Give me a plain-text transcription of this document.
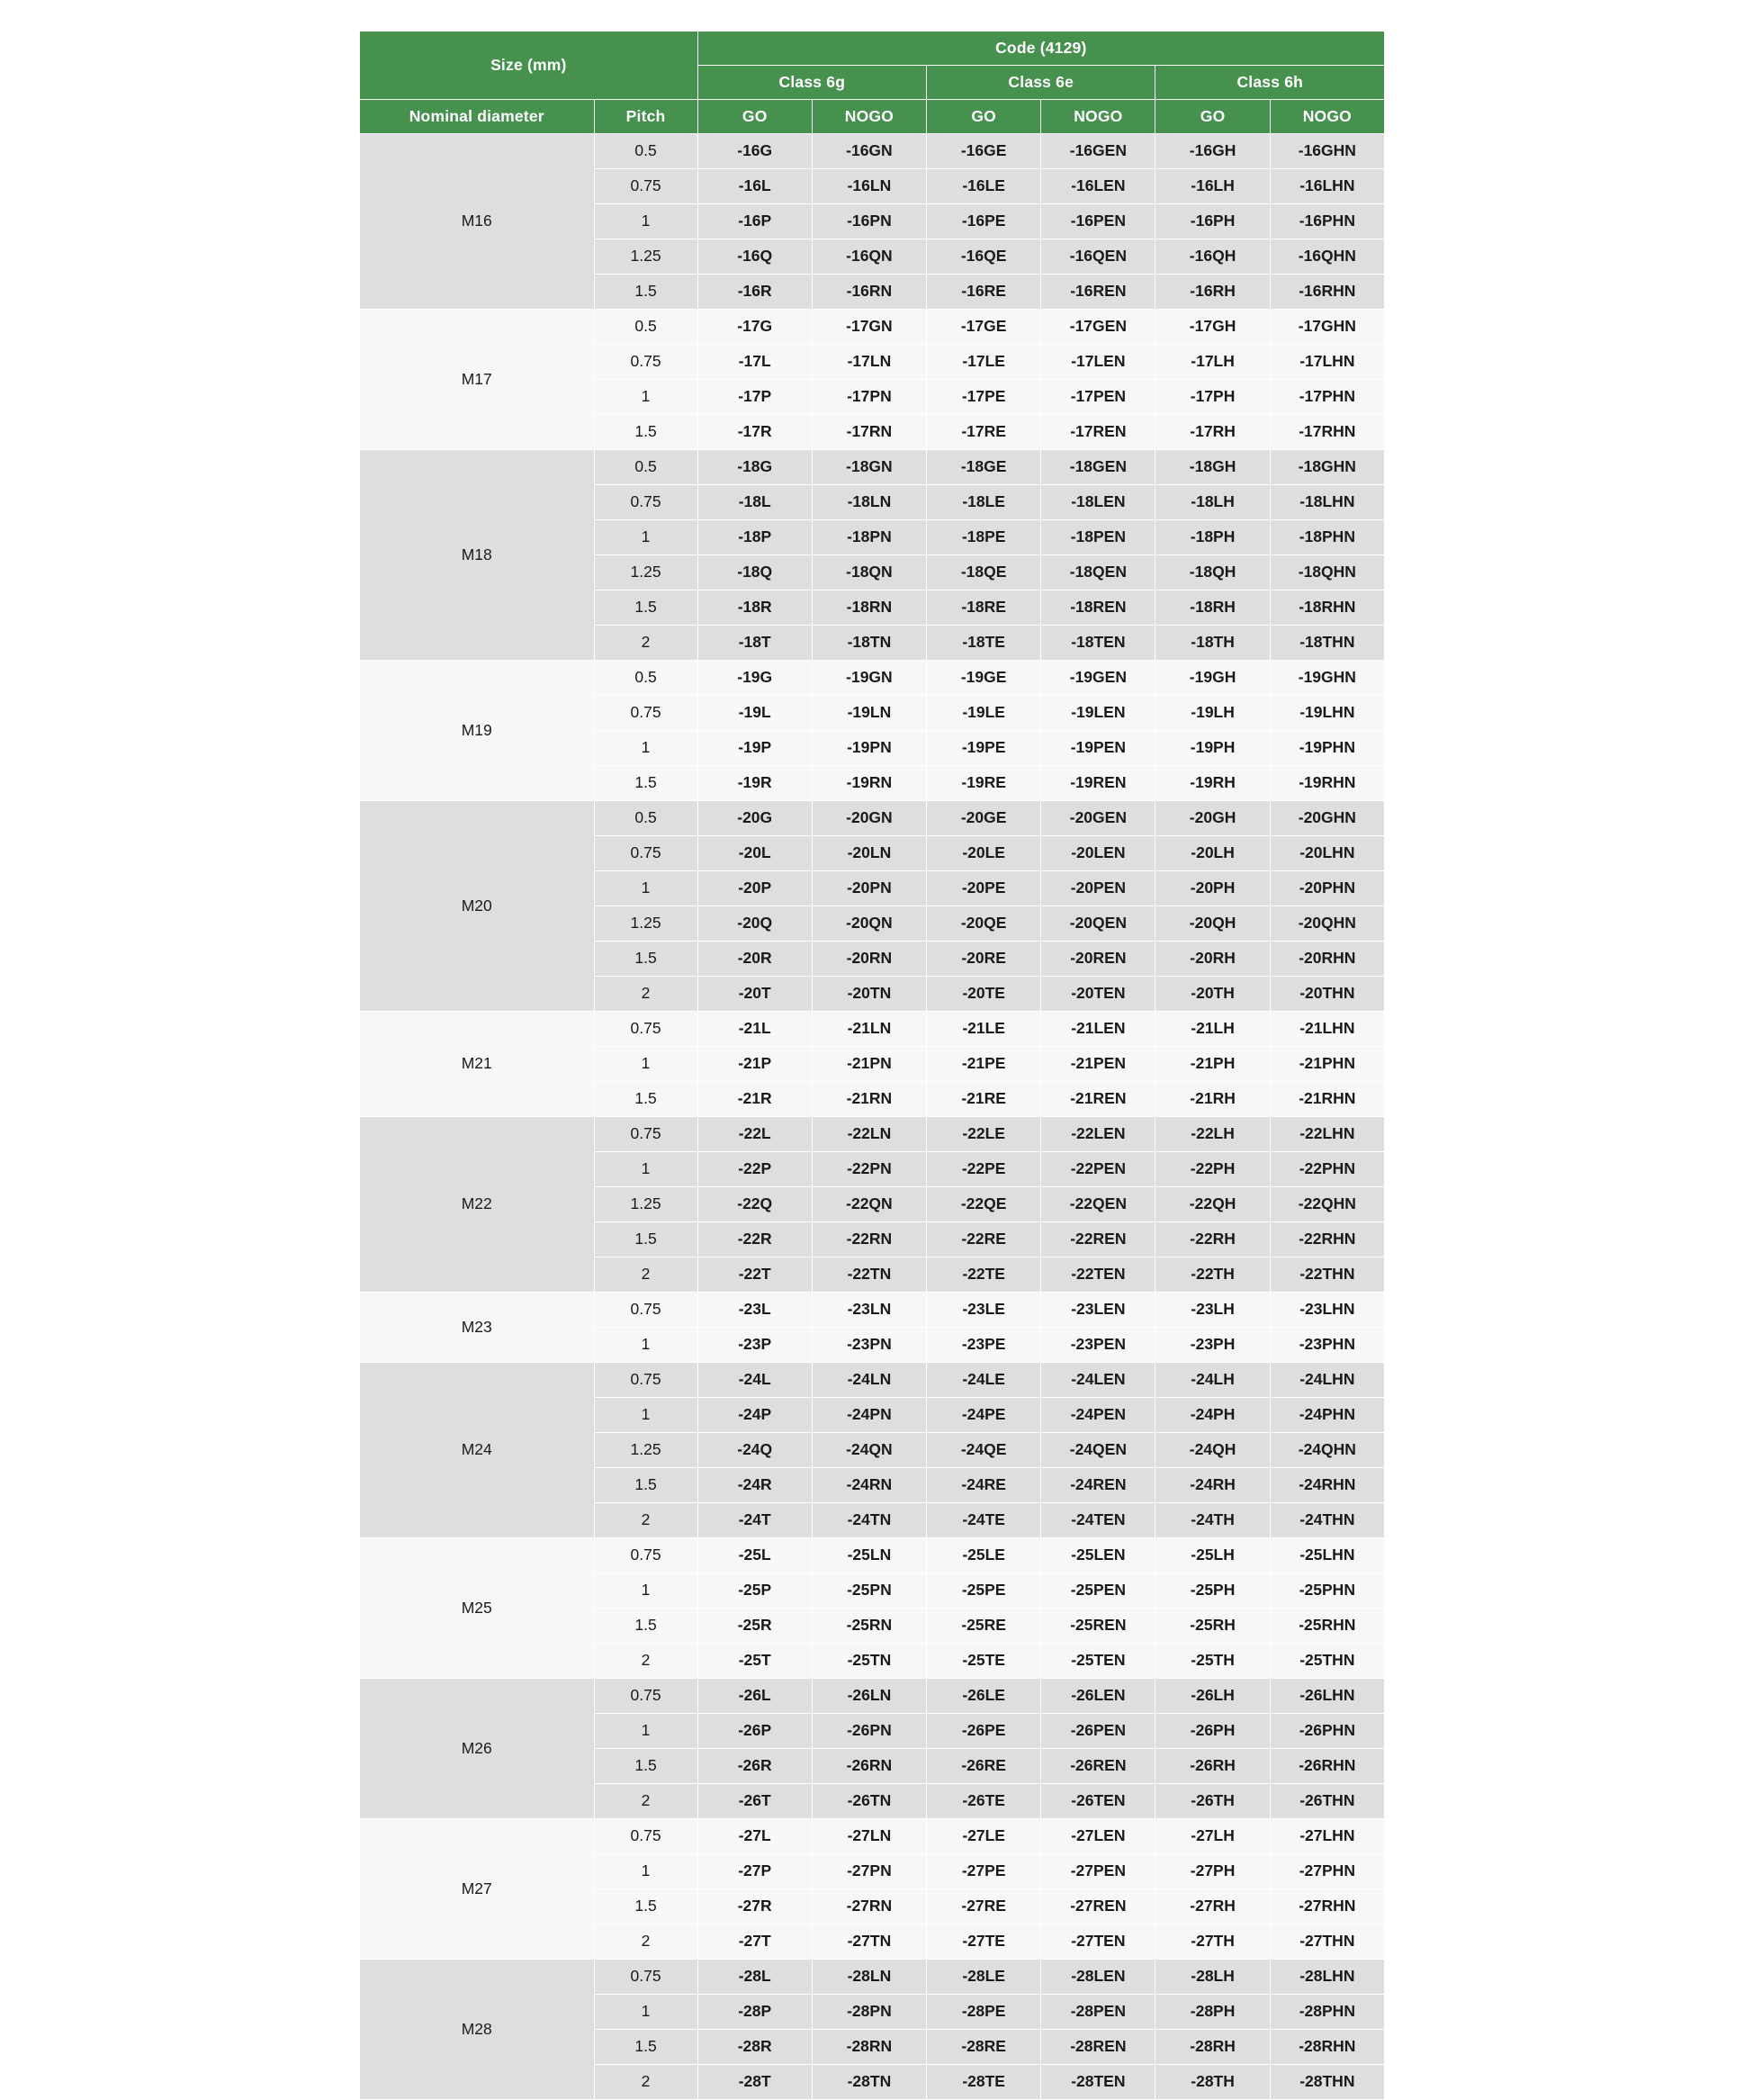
Size (mm)		Code (4129)					
		Class 6g		Class 6e		Class 6h	
Nominal diameter	Pitch	GO	NOGO	GO	NOGO	GO	NOGO
M16	0.5	-16G	-16GN	-16GE	-16GEN	-16GH	-16GHN
	0.75	-16L	-16LN	-16LE	-16LEN	-16LH	-16LHN
	1	-16P	-16PN	-16PE	-16PEN	-16PH	-16PHN
	1.25	-16Q	-16QN	-16QE	-16QEN	-16QH	-16QHN
	1.5	-16R	-16RN	-16RE	-16REN	-16RH	-16RHN
M17	0.5	-17G	-17GN	-17GE	-17GEN	-17GH	-17GHN
	0.75	-17L	-17LN	-17LE	-17LEN	-17LH	-17LHN
	1	-17P	-17PN	-17PE	-17PEN	-17PH	-17PHN
	1.5	-17R	-17RN	-17RE	-17REN	-17RH	-17RHN
M18	0.5	-18G	-18GN	-18GE	-18GEN	-18GH	-18GHN
	0.75	-18L	-18LN	-18LE	-18LEN	-18LH	-18LHN
	1	-18P	-18PN	-18PE	-18PEN	-18PH	-18PHN
	1.25	-18Q	-18QN	-18QE	-18QEN	-18QH	-18QHN
	1.5	-18R	-18RN	-18RE	-18REN	-18RH	-18RHN
	2	-18T	-18TN	-18TE	-18TEN	-18TH	-18THN
M19	0.5	-19G	-19GN	-19GE	-19GEN	-19GH	-19GHN
	0.75	-19L	-19LN	-19LE	-19LEN	-19LH	-19LHN
	1	-19P	-19PN	-19PE	-19PEN	-19PH	-19PHN
	1.5	-19R	-19RN	-19RE	-19REN	-19RH	-19RHN
M20	0.5	-20G	-20GN	-20GE	-20GEN	-20GH	-20GHN
	0.75	-20L	-20LN	-20LE	-20LEN	-20LH	-20LHN
	1	-20P	-20PN	-20PE	-20PEN	-20PH	-20PHN
	1.25	-20Q	-20QN	-20QE	-20QEN	-20QH	-20QHN
	1.5	-20R	-20RN	-20RE	-20REN	-20RH	-20RHN
	2	-20T	-20TN	-20TE	-20TEN	-20TH	-20THN
M21	0.75	-21L	-21LN	-21LE	-21LEN	-21LH	-21LHN
	1	-21P	-21PN	-21PE	-21PEN	-21PH	-21PHN
	1.5	-21R	-21RN	-21RE	-21REN	-21RH	-21RHN
M22	0.75	-22L	-22LN	-22LE	-22LEN	-22LH	-22LHN
	1	-22P	-22PN	-22PE	-22PEN	-22PH	-22PHN
	1.25	-22Q	-22QN	-22QE	-22QEN	-22QH	-22QHN
	1.5	-22R	-22RN	-22RE	-22REN	-22RH	-22RHN
	2	-22T	-22TN	-22TE	-22TEN	-22TH	-22THN
M23	0.75	-23L	-23LN	-23LE	-23LEN	-23LH	-23LHN
	1	-23P	-23PN	-23PE	-23PEN	-23PH	-23PHN
M24	0.75	-24L	-24LN	-24LE	-24LEN	-24LH	-24LHN
	1	-24P	-24PN	-24PE	-24PEN	-24PH	-24PHN
	1.25	-24Q	-24QN	-24QE	-24QEN	-24QH	-24QHN
	1.5	-24R	-24RN	-24RE	-24REN	-24RH	-24RHN
	2	-24T	-24TN	-24TE	-24TEN	-24TH	-24THN
M25	0.75	-25L	-25LN	-25LE	-25LEN	-25LH	-25LHN
	1	-25P	-25PN	-25PE	-25PEN	-25PH	-25PHN
	1.5	-25R	-25RN	-25RE	-25REN	-25RH	-25RHN
	2	-25T	-25TN	-25TE	-25TEN	-25TH	-25THN
M26	0.75	-26L	-26LN	-26LE	-26LEN	-26LH	-26LHN
	1	-26P	-26PN	-26PE	-26PEN	-26PH	-26PHN
	1.5	-26R	-26RN	-26RE	-26REN	-26RH	-26RHN
	2	-26T	-26TN	-26TE	-26TEN	-26TH	-26THN
M27	0.75	-27L	-27LN	-27LE	-27LEN	-27LH	-27LHN
	1	-27P	-27PN	-27PE	-27PEN	-27PH	-27PHN
	1.5	-27R	-27RN	-27RE	-27REN	-27RH	-27RHN
	2	-27T	-27TN	-27TE	-27TEN	-27TH	-27THN
M28	0.75	-28L	-28LN	-28LE	-28LEN	-28LH	-28LHN
	1	-28P	-28PN	-28PE	-28PEN	-28PH	-28PHN
	1.5	-28R	-28RN	-28RE	-28REN	-28RH	-28RHN
	2	-28T	-28TN	-28TE	-28TEN	-28TH	-28THN
